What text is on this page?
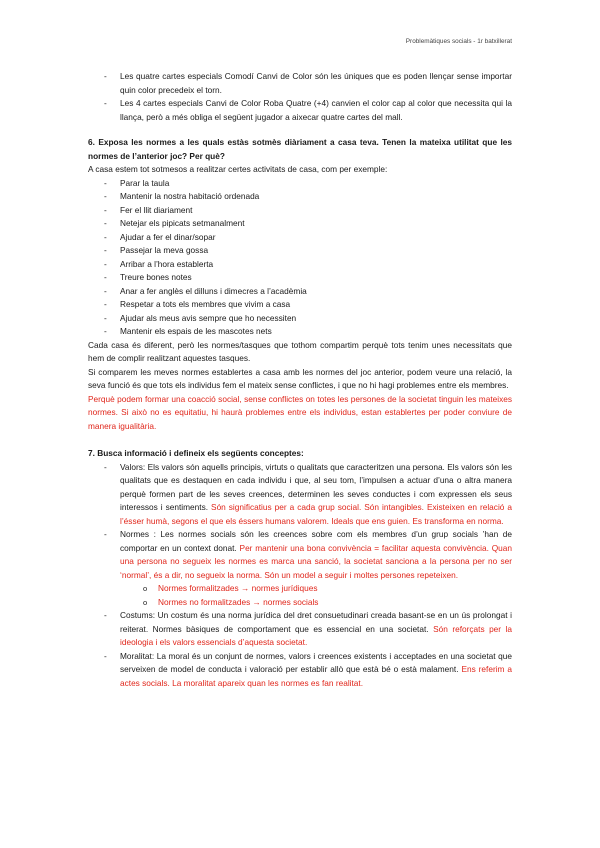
Problemàtiques socials - 1r batxillerat
- Les quatre cartes especials Comodí Canvi de Color són les úniques que es poden llençar sense importar quin color precedeix el torn.
- Les 4 cartes especials Canvi de Color Roba Quatre (+4) canvien el color cap al color que necessita qui la llança, però a més obliga el següent jugador a aixecar quatre cartes del mall.

6. Exposa les normes a les quals estàs sotmès diàriament a casa teva. Tenen la mateixa utilitat que les normes de l’anterior joc? Per què?

A casa estem tot sotmesos a realitzar certes activitats de casa, com per exemple:

- Parar la taula
- Mantenir la nostra habitació ordenada
- Fer el llit diariament
- Netejar els pipicats setmanalment
- Ajudar a fer el dinar/sopar
- Passejar la meva gossa
- Arribar a l’hora establerta
- Treure bones notes
- Anar a fer anglès el dilluns i dimecres a l’acadèmia
- Respetar a tots els membres que vivim a casa
- Ajudar als meus avis sempre que ho necessiten
- Mantenir els espais de les mascotes nets

Cada casa és diferent, però les normes/tasques que tothom compartim perquè tots tenim unes necessitats que hem de complir realitzant aquestes tasques.

Si comparem les meves normes establertes a casa amb les normes del joc anterior, podem veure una relació, la seva funció és que tots els individus fem el mateix sense conflictes, i que no hi hagi problemes entre els membres.

Perquè podem formar una coacció social, sense conflictes on totes les persones de la societat tinguin les mateixes normes. Si això no es equitatiu, hi haurà problemes entre els individus, estan establertes per poder conviure de manera igualitària.

7. Busca informació i defineix els següents conceptes:

- Valors: Els valors són aquells principis, virtuts o qualitats que caracteritzen una persona. Els valors són les qualitats que es destaquen en cada individu i que, al seu tom, l’impulsen a actuar d’una o altra manera perquè formen part de les seves creences, determinen les seves conductes i com expressen els seus interessos i sentiments. Són significatius per a cada grup social. Són intangibles. Existeixen en relació a l’ésser humà, segons el que els éssers humans valorem. Ideals que ens guien. Es transforma en norma.
- Normes : Les normes socials són les creences sobre com els membres d’un grup socials ’han de comportar en un context donat. Per mantenir una bona convivència = facilitar aquesta convivència. Quan una persona no segueix les normes es marca una sanció, la societat sanciona a la persona per no ser ‘normal’, és a dir, no segueix la norma. Són un model a seguir i moltes persones repeteixen.
o Normes formalitzades → normes jurídiques
o Normes no formalitzades → normes socials
- Costums: Un costum és una norma jurídica del dret consuetudinari creada basant-se en un ús prolongat i reiterat. Normes bàsiques de comportament que es essencial en una societat. Són reforçats per la ideologia i els valors essencials d’aquesta societat.
- Moralitat: La moral és un conjunt de normes, valors i creences existents i acceptades en una societat que serveixen de model de conducta i valoració per establir allò que està bé o està malament. Ens referim a actes socials. La moralitat apareix quan les normes es fan realitat.
